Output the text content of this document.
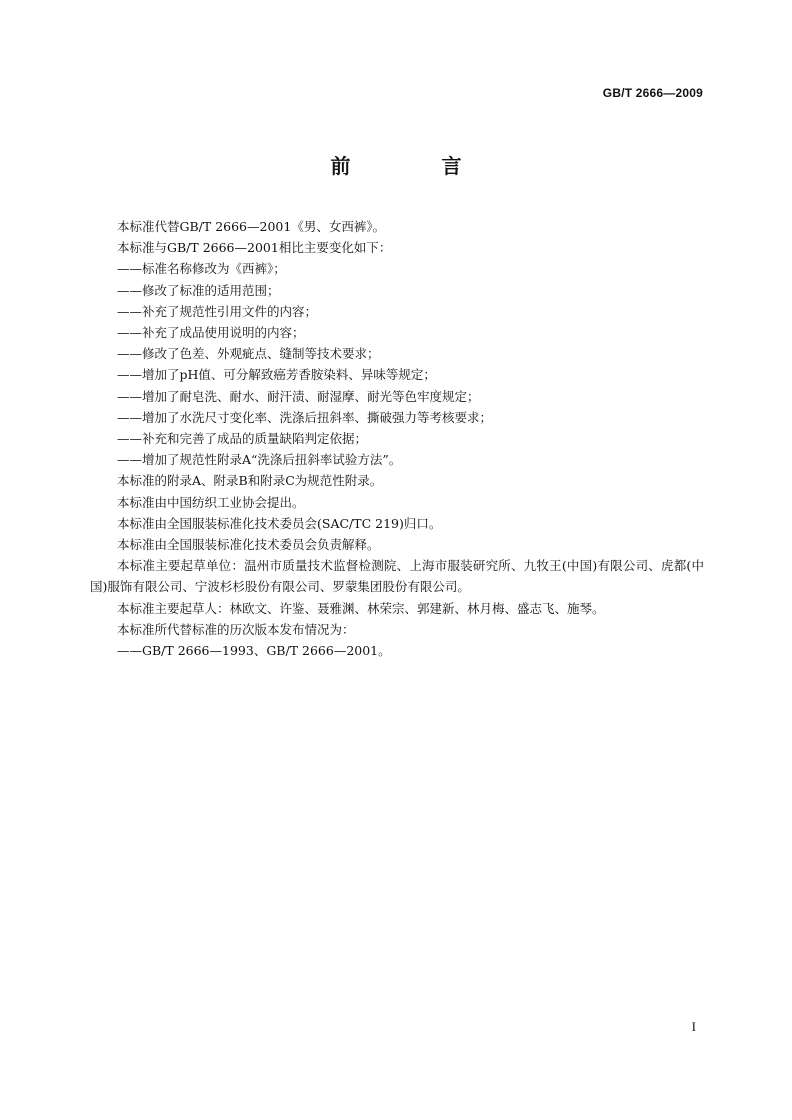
GB/T 2666—2009
前 言

本标准代替GB/T 2666—2001《男、女西裤》。

本标准与GB/T 2666—2001相比主要变化如下：

——标准名称修改为《西裤》；

——修改了标准的适用范围；

——补充了规范性引用文件的内容；

——补充了成品使用说明的内容；

——修改了色差、外观疵点、缝制等技术要求；

——增加了pH值、可分解致癌芳香胺染料、异味等规定；

——增加了耐皂洗、耐水、耐汗渍、耐湿摩、耐光等色牢度规定；

——增加了水洗尺寸变化率、洗涤后扭斜率、撕破强力等考核要求；

——补充和完善了成品的质量缺陷判定依据；

——增加了规范性附录A“洗涤后扭斜率试验方法”。

本标准的附录A、附录B和附录C为规范性附录。

本标准由中国纺织工业协会提出。

本标准由全国服装标准化技术委员会(SAC/TC 219)归口。

本标准由全国服装标准化技术委员会负责解释。

本标准主要起草单位：温州市质量技术监督检测院、上海市服装研究所、九牧王(中国)有限公司、虎都(中国)服饰有限公司、宁波杉杉股份有限公司、罗蒙集团股份有限公司。

本标准主要起草人：林欧文、许鉴、聂雅渊、林荣宗、郭建新、林月梅、盛志飞、施琴。

本标准所代替标准的历次版本发布情况为：

——GB/T 2666—1993、GB/T 2666—2001。

I
